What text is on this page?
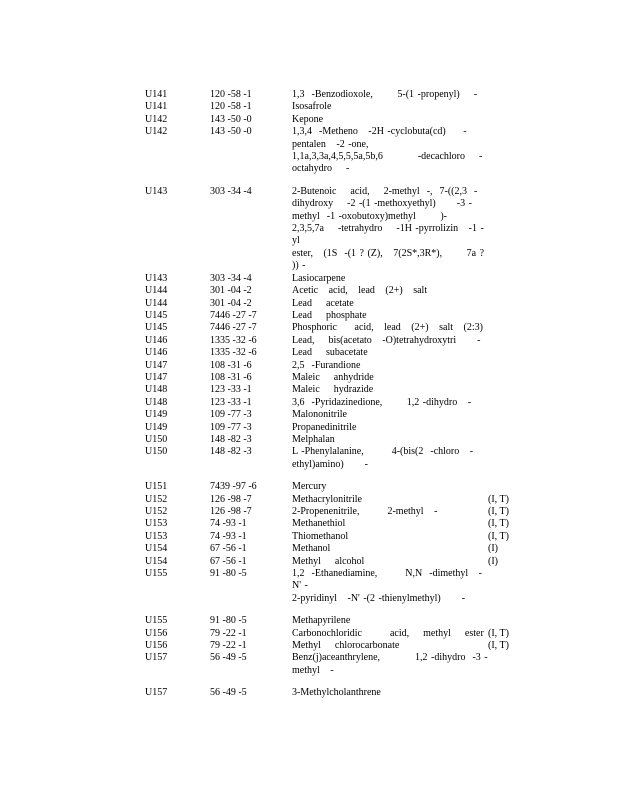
U141	120 -58 -1	1,3  -Benzodioxole,       5-(1 -propenyl)    -
U141	120 -58 -1	Isosafrole
U142	143 -50 -0	Kepone
U142	143 -50 -0	1,3,4  -Metheno   -2H -cyclobuta(cd)     -
pentalen   -2 -one,
1,1a,3,3a,4,5,5,5a,5b,6          -decachloro    -
octahydro    -
U143	303 -34 -4	2-Butenoic    acid,    2-methyl  -,  7-((2,3  -
dihydroxy    -2 -(1 -methoxyethyl)      -3 -
methyl  -1 -oxobutoxy)methyl       )-
2,3,5,7a    -tetrahydro    -1H -pyrrolizin   -1 -yl
ester,   (1S  -(1 ? (Z),   7(2S*,3R*),       7a ? )) -
U143	303 -34 -4	Lasiocarpene
U144	301 -04 -2	Acetic   acid,   lead   (2+)   salt
U144	301 -04 -2	Lead    acetate
U145	7446 -27 -7	Lead    phosphate
U145	7446 -27 -7	Phosphoric     acid,   lead   (2+)   salt   (2:3)
U146	1335 -32 -6	Lead,    bis(acetato   -O)tetrahydroxytri      -
U146	1335 -32 -6	Lead    subacetate
U147	108 -31 -6	2,5  -Furandione
U147	108 -31 -6	Maleic    anhydride
U148	123 -33 -1	Maleic    hydrazide
U148	123 -33 -1	3,6  -Pyridazinedione,       1,2 -dihydro   -
U149	109 -77 -3	Malononitrile
U149	109 -77 -3	Propanedinitrile
U150	148 -82 -3	Melphalan
U150	148 -82 -3	L -Phenylalanine,        4-(bis(2  -chloro   -
ethyl)amino)      -
U151	7439 -97 -6	Mercury
U152	126 -98 -7	Methacrylonitrile	(I, T)
U152	126 -98 -7	2-Propenenitrile,        2-methyl   -	(I, T)
U153	74 -93 -1	Methanethiol	(I, T)
U153	74 -93 -1	Thiomethanol	(I, T)
U154	67 -56 -1	Methanol	(I)
U154	67 -56 -1	Methyl    alcohol	(I)
U155	91 -80 -5	1,2  -Ethanediamine,        N,N  -dimethyl   -N' -
2-pyridinyl   -N' -(2 -thienylmethyl)      -
U155	91 -80 -5	Methapyrilene
U156	79 -22 -1	Carbonochloridic        acid,    methyl    ester (I, T)
U156	79 -22 -1	Methyl    chlorocarbonate	(I, T)
U157	56 -49 -5	Benz(j)aceanthrylene,          1,2 -dihydro  -3 -
methyl   -
U157	56 -49 -5	3-Methylcholanthrene
